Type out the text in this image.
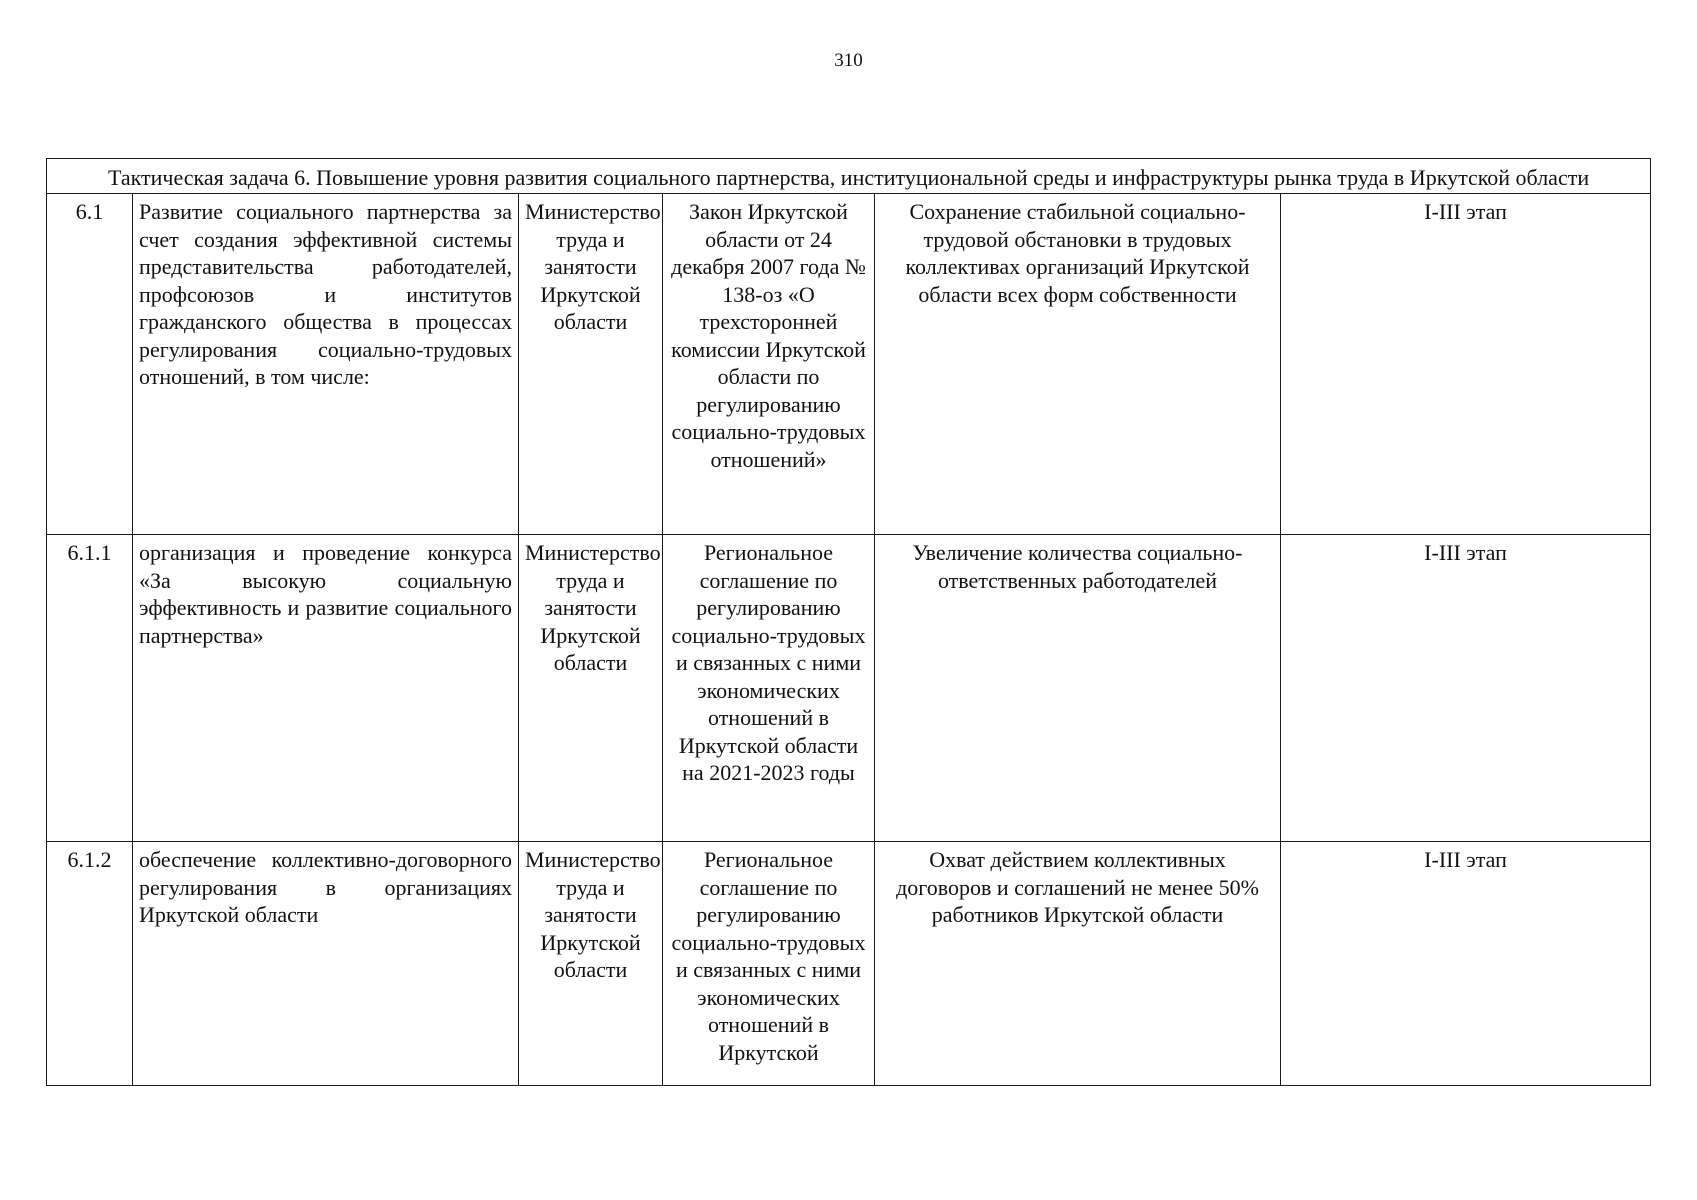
310
Тактическая задача 6. Повышение уровня развития социального партнерства, институциональной среды и инфраструктуры рынка труда в Иркутской области					
6.1	Развитие социального партнерства за счет создания эффективной системы представительства работодателей, профсоюзов и институтов гражданского общества в процессах регулирования социально-трудовых отношений, в том числе:	Министерство труда и занятости Иркутской области	Закон Иркутской области от 24 декабря 2007 года № 138-оз «О трехсторонней комиссии Иркутской области по регулированию социально-трудовых отношений»	Сохранение стабильной социально-трудовой обстановки в трудовых коллективах организаций Иркутской области всех форм собственности	I-III этап
6.1.1	организация и проведение конкурса «За высокую социальную эффективность и развитие социального партнерства»	Министерство труда и занятости Иркутской области	Региональное соглашение по регулированию социально-трудовых и связанных с ними экономических отношений в Иркутской области на 2021-2023 годы	Увеличение количества социально-ответственных работодателей	I-III этап
6.1.2	обеспечение коллективно-договорного регулирования в организациях Иркутской области	Министерство труда и занятости Иркутской области	Региональное соглашение по регулированию социально-трудовых и связанных с ними экономических отношений в Иркутской	Охват действием коллективных договоров и соглашений не менее 50% работников Иркутской области	I-III этап
